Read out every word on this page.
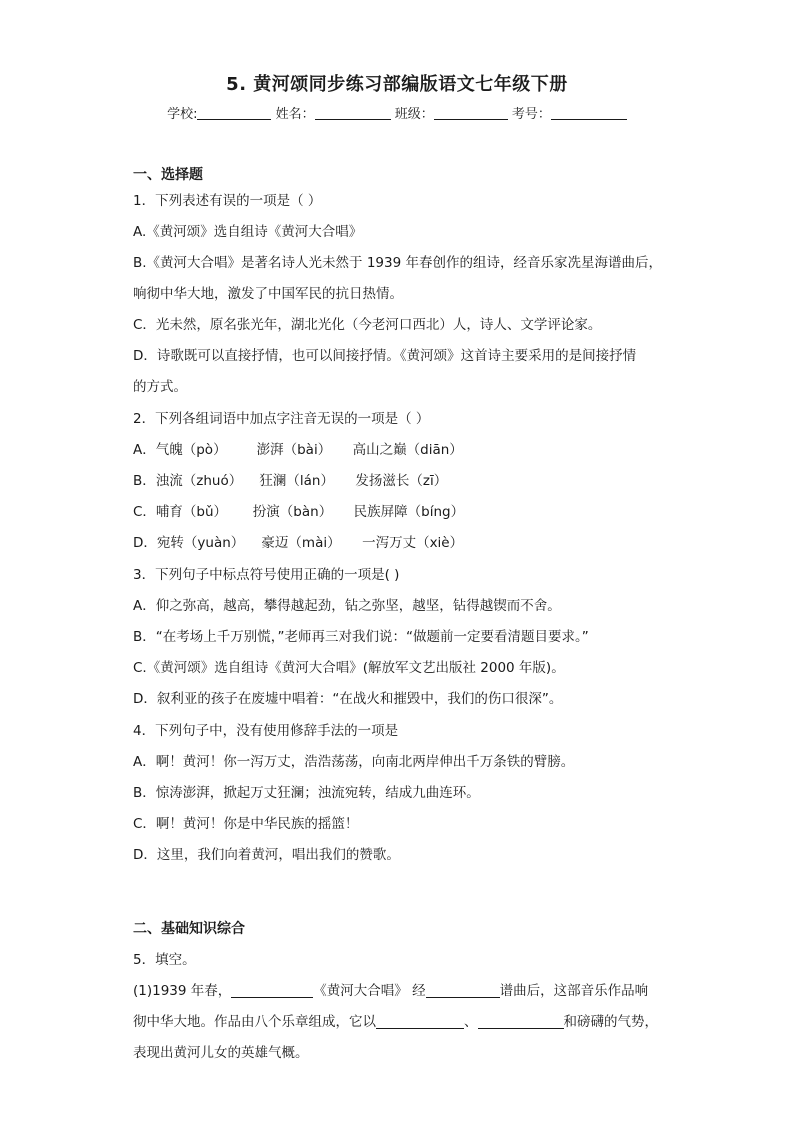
5. 黄河颂同步练习部编版语文七年级下册
学校:	姓名：	班级：	考号：
一、选择题
1．下列表述有误的一项是（ ）
A.《黄河颂》选自组诗《黄河大合唱》
B.《黄河大合唱》是著名诗人光未然于 1939 年春创作的组诗，经音乐家冼星海谱曲后，
响彻中华大地，激发了中国军民的抗日热情。
C．光未然，原名张光年，湖北光化（今老河口西北）人，诗人、文学评论家。
D．诗歌既可以直接抒情，也可以间接抒情。《黄河颂》这首诗主要采用的是间接抒情
的方式。
2．下列各组词语中加点字注音无误的一项是（ ）
A．气魄（pò）       澎湃（bài）     高山之巅（diān）
B．浊流（zhuó）    狂澜（lán）     发扬滋长（zī）
C．哺育（bǔ）      扮演（bàn）     民族屏障（bíng）
D．宛转（yuàn）    豪迈（mài）     一泻万丈（xiè）
3．下列句子中标点符号使用正确的一项是( )
A．仰之弥高，越高，攀得越起劲，钻之弥坚，越坚，钻得越锲而不舍。
B．“在考场上千万别慌，”老师再三对我们说：“做题前一定要看清题目要求。”
C.《黄河颂》选自组诗《黄河大合唱》(解放军文艺出版社 2000 年版)。
D．叙利亚的孩子在废墟中唱着：“在战火和摧毁中，我们的伤口很深”。
4．下列句子中，没有使用修辞手法的一项是
A．啊！黄河！你一泻万丈，浩浩荡荡，向南北两岸伸出千万条铁的臂膀。
B．惊涛澎湃，掀起万丈狂澜；浊流宛转，结成九曲连环。
C．啊！黄河！你是中华民族的摇篮！
D．这里，我们向着黄河，唱出我们的赞歌。
二、基础知识综合
5．填空。
(1)1939 年春，	《黄河大合唱》 经	谱曲后，这部音乐作品响
彻中华大地。作品由八个乐章组成，它以	、	和磅礴的气势，
表现出黄河儿女的英雄气概。
